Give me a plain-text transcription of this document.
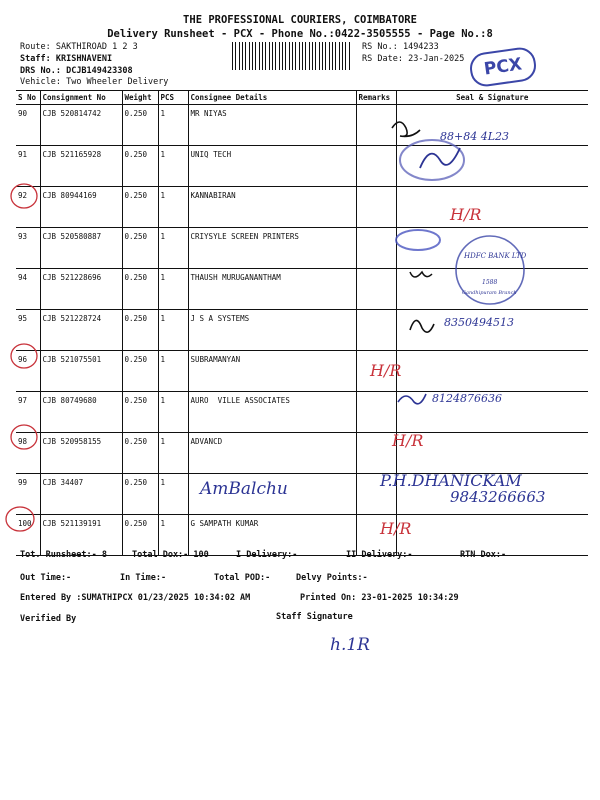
THE PROFESSIONAL COURIERS, COIMBATORE
Delivery Runsheet - PCX - Phone No.:0422-3505555 - Page No.:8
Route: SAKTHIROAD 1 2 3
Staff: KRISHNAVENI
DRS No.: DCJB149423308
Vehicle: Two Wheeler Delivery
RS No.: 1494233
RS Date: 23-Jan-2025	PCX
S No	Consignment No	Weight	PCS	Consignee Details	Remarks	Seal & Signature
90	CJB 520814742	0.250	1	MR NIYAS		
91	CJB 521165928	0.250	1	UNIQ TECH		
92	CJB 80944169	0.250	1	KANNABIRAN		
93	CJB 520580887	0.250	1	CRIYSYLE SCREEN PRINTERS		
94	CJB 521228696	0.250	1	THAUSH MURUGANANTHAM		
95	CJB 521228724	0.250	1	J S A SYSTEMS		
96	CJB 521075501	0.250	1	SUBRAMANYAN		
97	CJB 80749680	0.250	1	AURO  VILLE ASSOCIATES		
98	CJB 520958155	0.250	1	ADVANCD		
99	CJB 34407	0.250	1			
100	CJB 521139191	0.250	1	G SAMPATH KUMAR		
Tot. Runsheet:- 8	Total Dox:- 100	I Delivery:-	II Delivery:-	RTN Dox:-
Out Time:-	In Time:-	Total POD:-	Delvy Points:-
Entered By :SUMATHIPCX 01/23/2025 10:34:02 AM	Printed On: 23-01-2025 10:34:29
Verified By	Staff Signature
88+84 4L23
H/R
HDFC BANK LTD
1588
Gandhipuram Branch
8350494513
H/R
8124876636
H/R
AmBalchu	P.H.DHANICKAM
9843266663
H/R
h.1R
